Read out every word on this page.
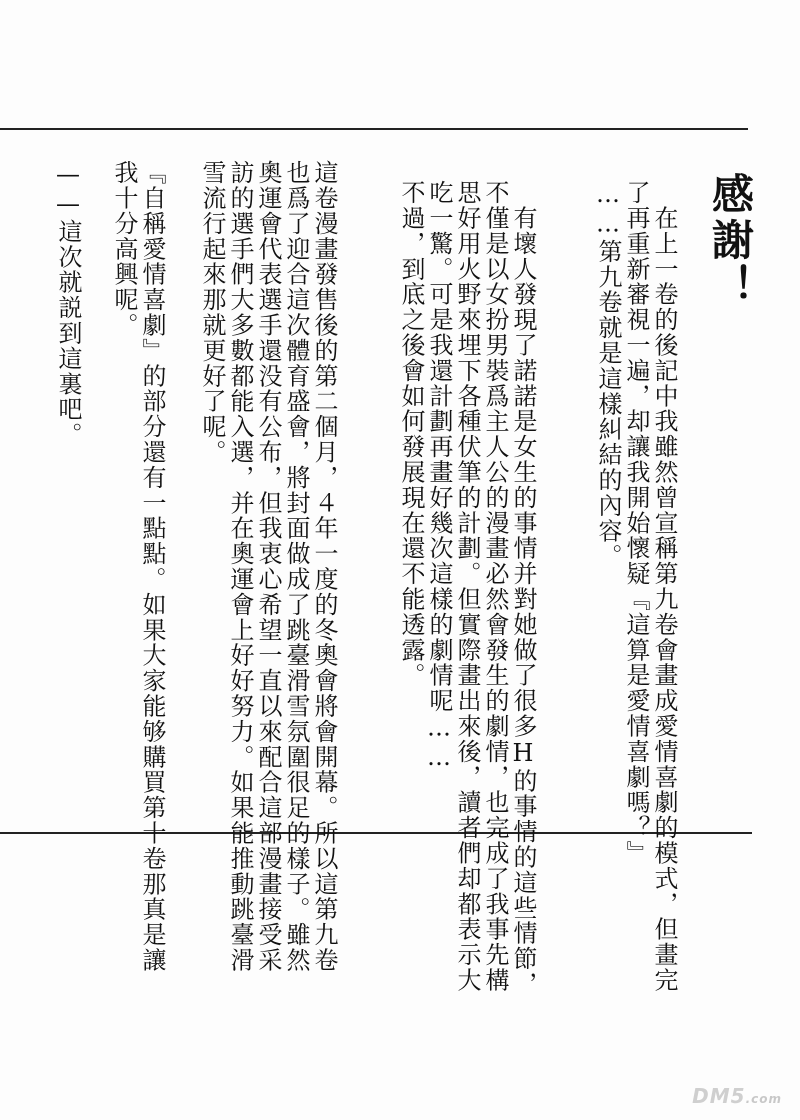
感謝！
　在上一卷的後記中我雖然曾宣稱第九卷會畫成愛情喜劇的模式，但畫完
了再重新審視一遍，却讓我開始懷疑『這算是愛情喜劇嗎？』
……第九卷就是這樣糾結的內容。
　有壞人發現了諾諾是女生的事情并對她做了很多H的事情的這些情節，
不僅是以女扮男裝爲主人公的漫畫必然會發生的劇情，也完成了我事先構
思好用火野來埋下各種伏筆的計劃。但實際畫出來後，讀者們却都表示大
吃一驚。可是我還計劃再畫好幾次這樣的劇情呢……
不過，到底之後會如何發展現在還不能透露。
這卷漫畫發售後的第二個月，４年一度的冬奧會將會開幕。所以這第九卷
也爲了迎合這次體育盛會，將封面做成了跳臺滑雪氛圍很足的樣子。雖然
奧運會代表選手還没有公布，但我衷心希望一直以來配合這部漫畫接受采
訪的選手們大多數都能入選，并在奧運會上好好努力。如果能推動跳臺滑
雪流行起來那就更好了呢。
『自稱愛情喜劇』的部分還有一點點。如果大家能够購買第十卷那真是讓
我十分高興呢。
——這次就説到這裏吧。
DM5.com
